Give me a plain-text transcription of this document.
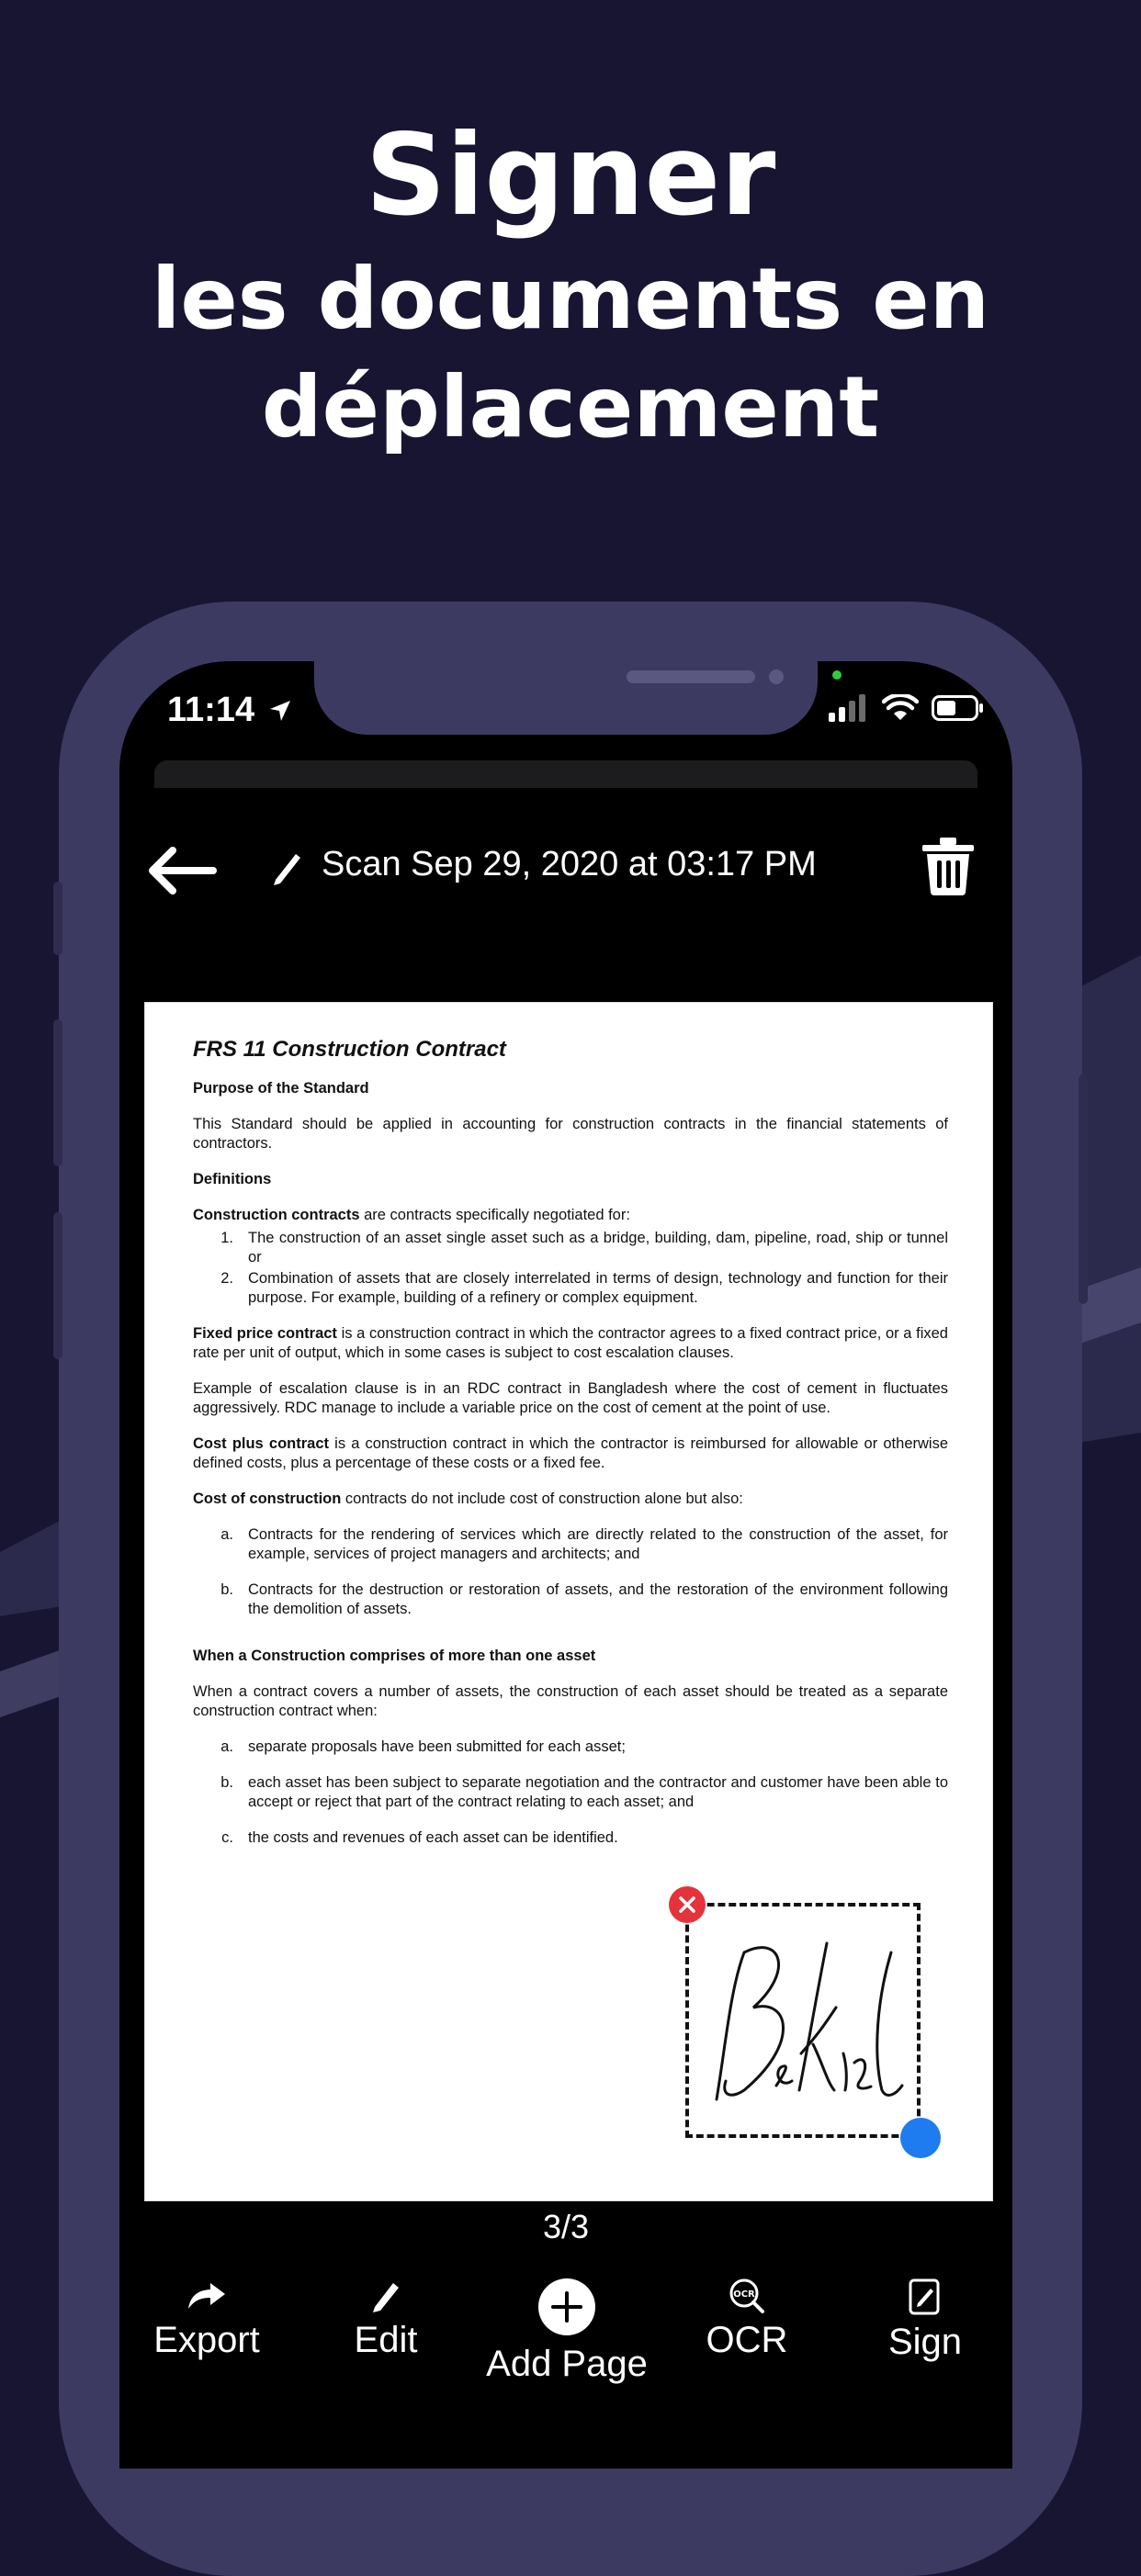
Signer
les documents en
déplacement
11:14
Scan Sep 29, 2020 at 03:17 PM
FRS 11 Construction Contract
Purpose of the Standard
This Standard should be applied in accounting for construction contracts in the financial statements of contractors.
Definitions
Construction contracts are contracts specifically negotiated for:
1. The construction of an asset single asset such as a bridge, building, dam, pipeline, road, ship or tunnel or
2. Combination of assets that are closely interrelated in terms of design, technology and function for their purpose. For example, building of a refinery or complex equipment.
Fixed price contract is a construction contract in which the contractor agrees to a fixed contract price, or a fixed rate per unit of output, which in some cases is subject to cost escalation clauses.
Example of escalation clause is in an RDC contract in Bangladesh where the cost of cement in fluctuates aggressively. RDC manage to include a variable price on the cost of cement at the point of use.
Cost plus contract is a construction contract in which the contractor is reimbursed for allowable or otherwise defined costs, plus a percentage of these costs or a fixed fee.
Cost of construction contracts do not include cost of construction alone but also:
a. Contracts for the rendering of services which are directly related to the construction of the asset, for example, services of project managers and architects; and
b. Contracts for the destruction or restoration of assets, and the restoration of the environment following the demolition of assets.
When a Construction comprises of more than one asset
When a contract covers a number of assets, the construction of each asset should be treated as a separate construction contract when:
a. separate proposals have been submitted for each asset;
b. each asset has been subject to separate negotiation and the contractor and customer have been able to accept or reject that part of the contract relating to each asset; and
c. the costs and revenues of each asset can be identified.
3/3
Export	Edit
Add Page
OCR
OCR	Sign
